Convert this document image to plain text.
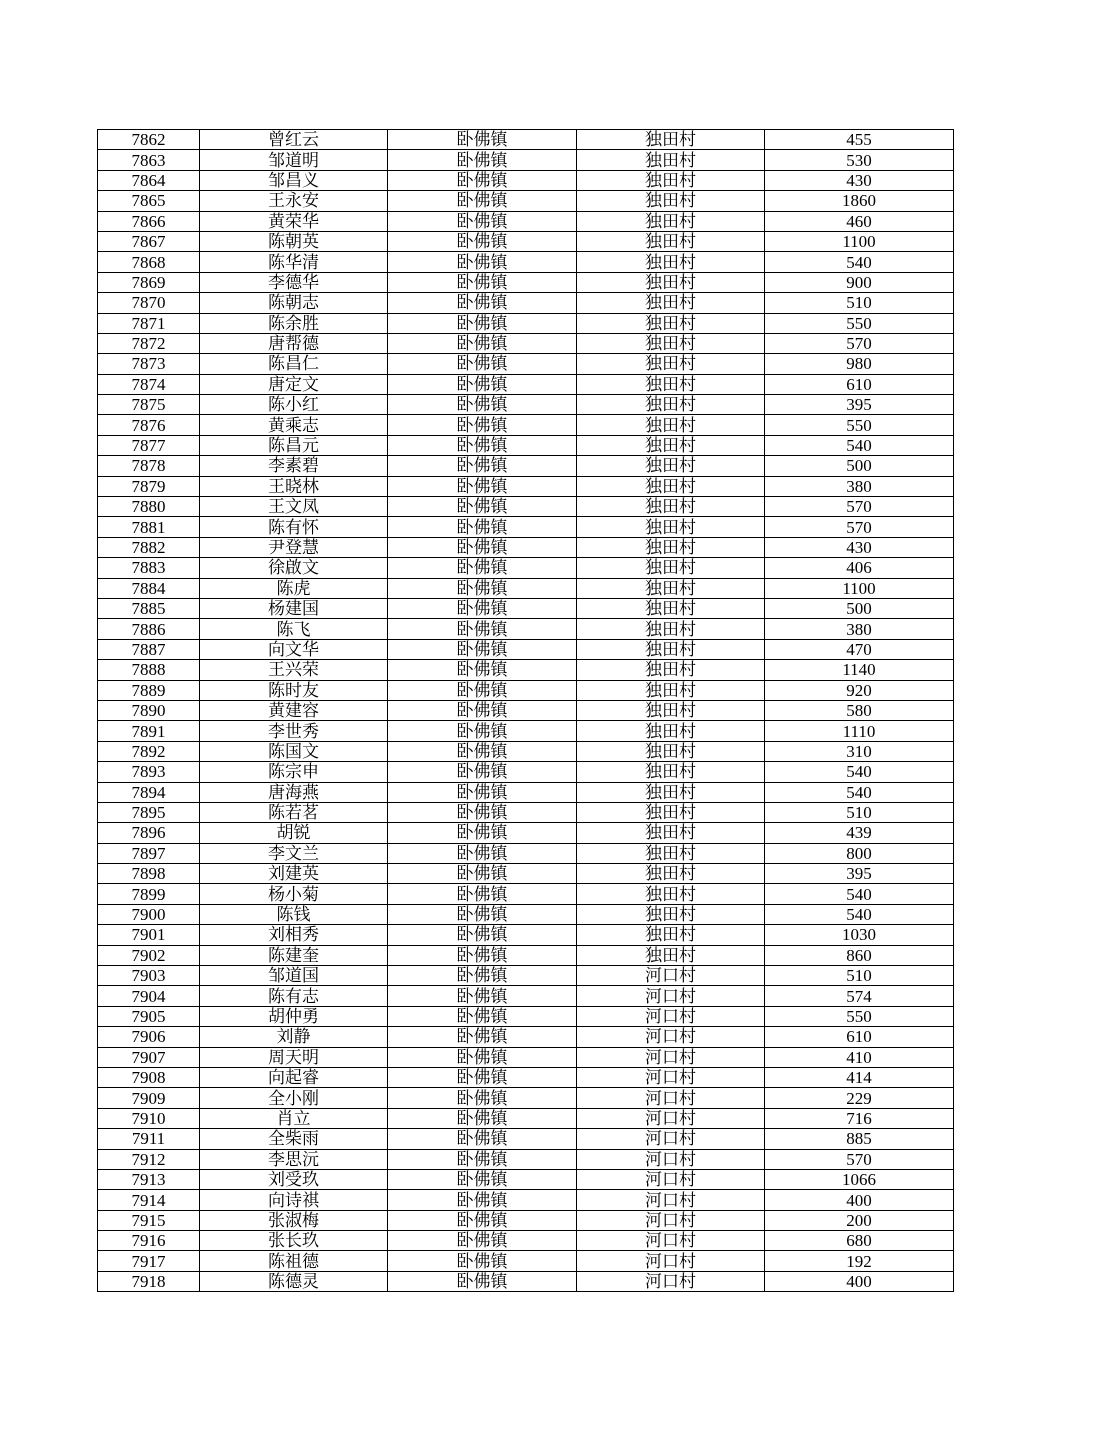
7862	曾红云	卧佛镇	独田村	455
7863	邹道明	卧佛镇	独田村	530
7864	邹昌义	卧佛镇	独田村	430
7865	王永安	卧佛镇	独田村	1860
7866	黄荣华	卧佛镇	独田村	460
7867	陈朝英	卧佛镇	独田村	1100
7868	陈华清	卧佛镇	独田村	540
7869	李德华	卧佛镇	独田村	900
7870	陈朝志	卧佛镇	独田村	510
7871	陈余胜	卧佛镇	独田村	550
7872	唐帮德	卧佛镇	独田村	570
7873	陈昌仁	卧佛镇	独田村	980
7874	唐定文	卧佛镇	独田村	610
7875	陈小红	卧佛镇	独田村	395
7876	黄乘志	卧佛镇	独田村	550
7877	陈昌元	卧佛镇	独田村	540
7878	李素碧	卧佛镇	独田村	500
7879	王晓林	卧佛镇	独田村	380
7880	王文凤	卧佛镇	独田村	570
7881	陈有怀	卧佛镇	独田村	570
7882	尹登慧	卧佛镇	独田村	430
7883	徐啟文	卧佛镇	独田村	406
7884	陈虎	卧佛镇	独田村	1100
7885	杨建国	卧佛镇	独田村	500
7886	陈飞	卧佛镇	独田村	380
7887	向文华	卧佛镇	独田村	470
7888	王兴荣	卧佛镇	独田村	1140
7889	陈时友	卧佛镇	独田村	920
7890	黄建容	卧佛镇	独田村	580
7891	李世秀	卧佛镇	独田村	1110
7892	陈国文	卧佛镇	独田村	310
7893	陈宗申	卧佛镇	独田村	540
7894	唐海燕	卧佛镇	独田村	540
7895	陈若茗	卧佛镇	独田村	510
7896	胡锐	卧佛镇	独田村	439
7897	李文兰	卧佛镇	独田村	800
7898	刘建英	卧佛镇	独田村	395
7899	杨小菊	卧佛镇	独田村	540
7900	陈钱	卧佛镇	独田村	540
7901	刘相秀	卧佛镇	独田村	1030
7902	陈建奎	卧佛镇	独田村	860
7903	邹道国	卧佛镇	河口村	510
7904	陈有志	卧佛镇	河口村	574
7905	胡仲勇	卧佛镇	河口村	550
7906	刘静	卧佛镇	河口村	610
7907	周天明	卧佛镇	河口村	410
7908	向起睿	卧佛镇	河口村	414
7909	全小刚	卧佛镇	河口村	229
7910	肖立	卧佛镇	河口村	716
7911	全柴雨	卧佛镇	河口村	885
7912	李思沅	卧佛镇	河口村	570
7913	刘受玖	卧佛镇	河口村	1066
7914	向诗祺	卧佛镇	河口村	400
7915	张淑梅	卧佛镇	河口村	200
7916	张长玖	卧佛镇	河口村	680
7917	陈祖德	卧佛镇	河口村	192
7918	陈德灵	卧佛镇	河口村	400
